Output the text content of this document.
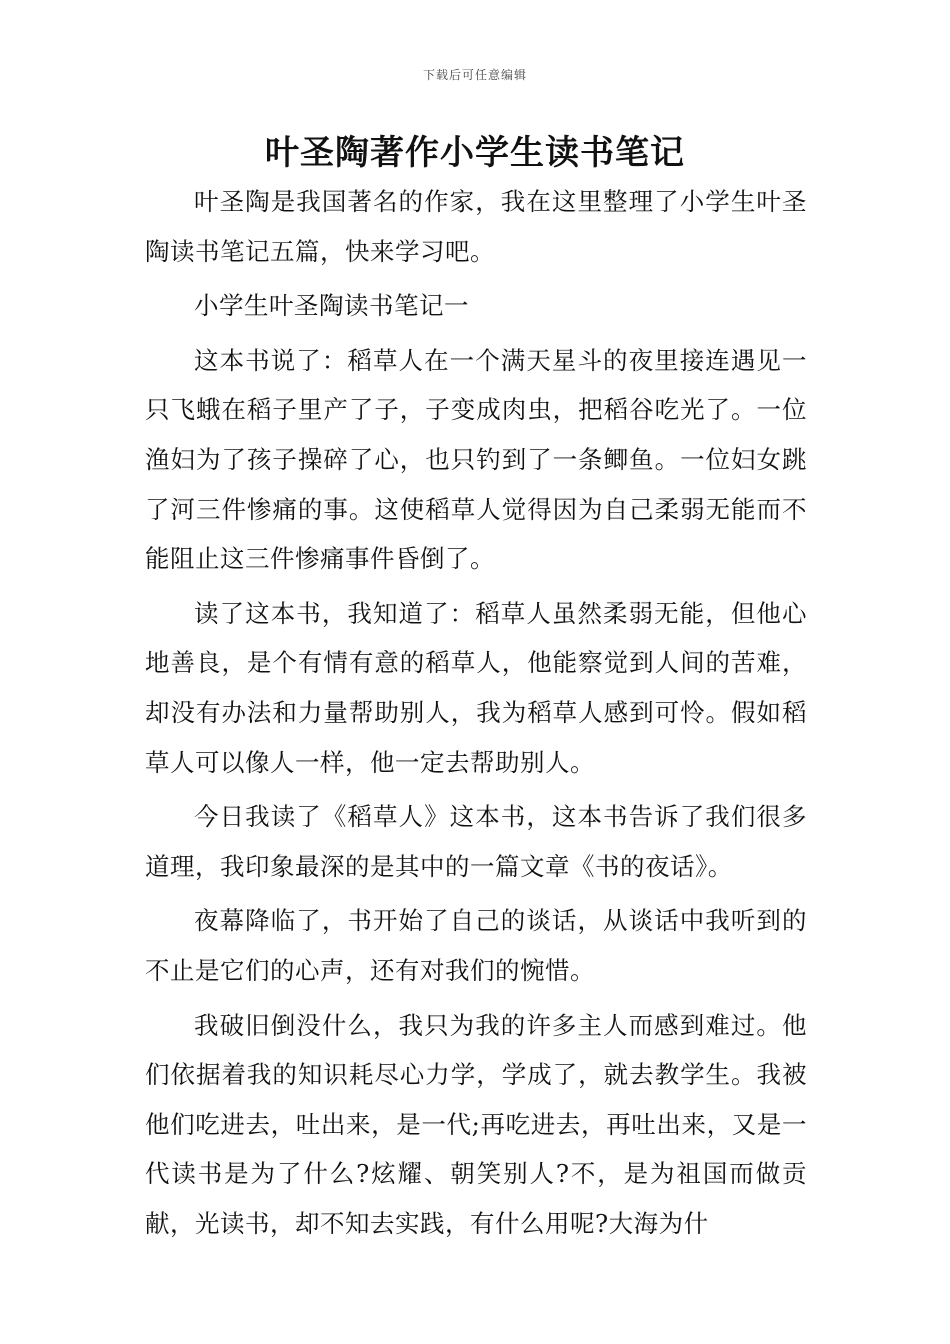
下载后可任意编辑
叶圣陶著作小学生读书笔记

叶圣陶是我国著名的作家，我在这里整理了小学生叶圣陶读书笔记五篇，快来学习吧。

小学生叶圣陶读书笔记一

这本书说了：稻草人在一个满天星斗的夜里接连遇见一只飞蛾在稻子里产了子，子变成肉虫，把稻谷吃光了。一位渔妇为了孩子操碎了心，也只钓到了一条鲫鱼。一位妇女跳了河三件惨痛的事。这使稻草人觉得因为自己柔弱无能而不能阻止这三件惨痛事件昏倒了。

读了这本书，我知道了：稻草人虽然柔弱无能，但他心地善良，是个有情有意的稻草人，他能察觉到人间的苦难，却没有办法和力量帮助别人，我为稻草人感到可怜。假如稻草人可以像人一样，他一定去帮助别人。

今日我读了《稻草人》这本书，这本书告诉了我们很多道理，我印象最深的是其中的一篇文章《书的夜话》。

夜幕降临了，书开始了自己的谈话，从谈话中我听到的不止是它们的心声，还有对我们的惋惜。

我破旧倒没什么，我只为我的许多主人而感到难过。他们依据着我的知识耗尽心力学，学成了，就去教学生。我被他们吃进去，吐出来，是一代;再吃进去，再吐出来，又是一代读书是为了什么?炫耀、朝笑别人?不，是为祖国而做贡献，光读书，却不知去实践，有什么用呢?大海为什
